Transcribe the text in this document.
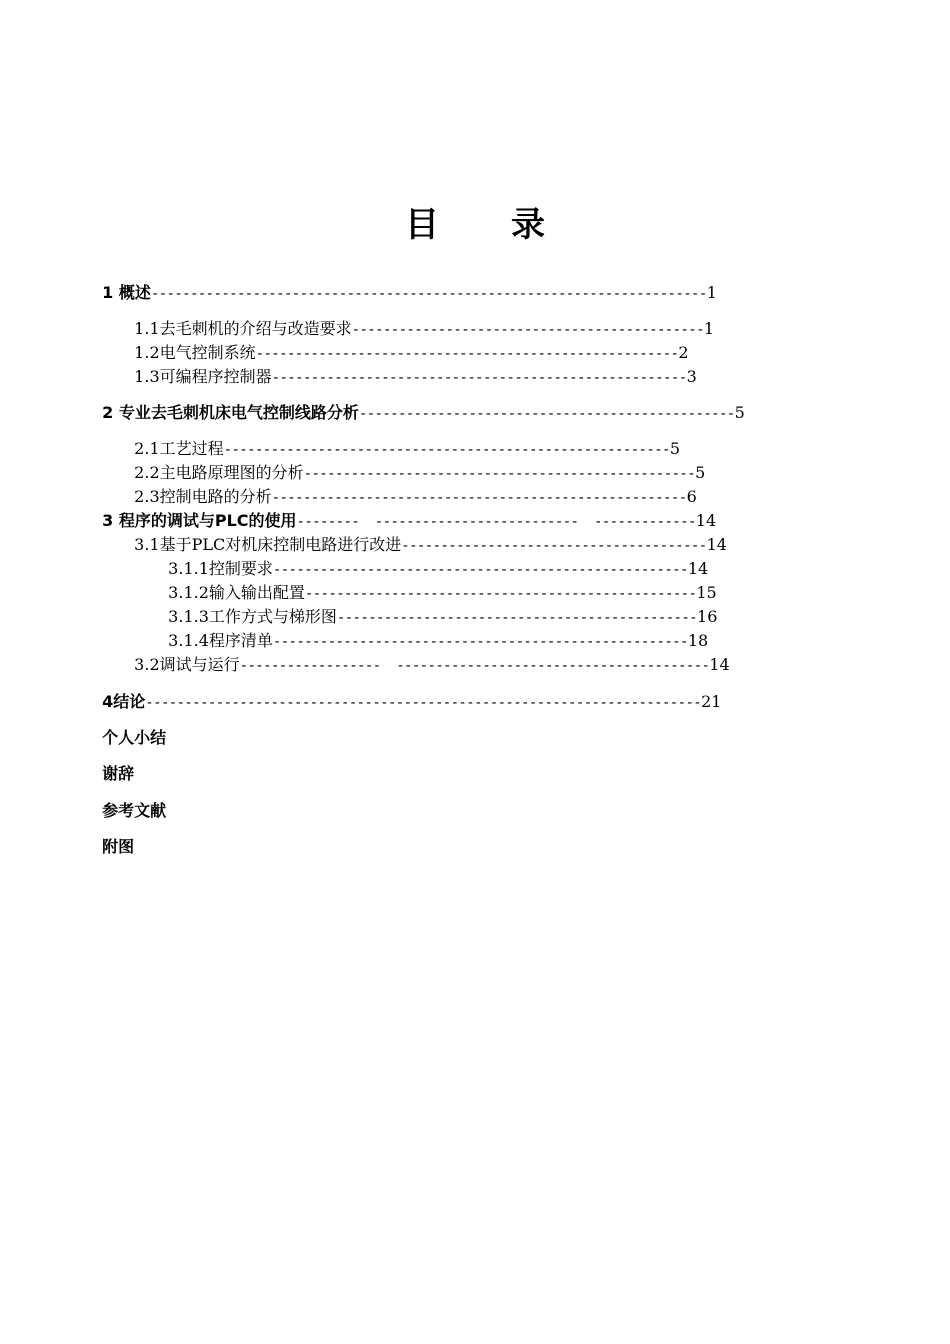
目 录

1 概述-----------------------------------------------------------------------1

1.1去毛刺机的介绍与改造要求---------------------------------------------1

1.2电气控制系统------------------------------------------------------2

1.3可编程序控制器-----------------------------------------------------3

2 专业去毛刺机床电气控制线路分析------------------------------------------------5

2.1工艺过程---------------------------------------------------------5

2.2主电路原理图的分析--------------------------------------------------5

2.3控制电路的分析-----------------------------------------------------6

3 程序的调试与PLC的使用--------  --------------------------  -------------14

3.1基于PLC对机床控制电路进行改进---------------------------------------14

3.1.1控制要求-----------------------------------------------------14

3.1.2输入输出配置--------------------------------------------------15

3.1.3工作方式与梯形图----------------------------------------------16

3.1.4程序清单-----------------------------------------------------18

3.2调试与运行------------------  ----------------------------------------14

4结论-----------------------------------------------------------------------21

个人小结

谢辞

参考文献

附图
